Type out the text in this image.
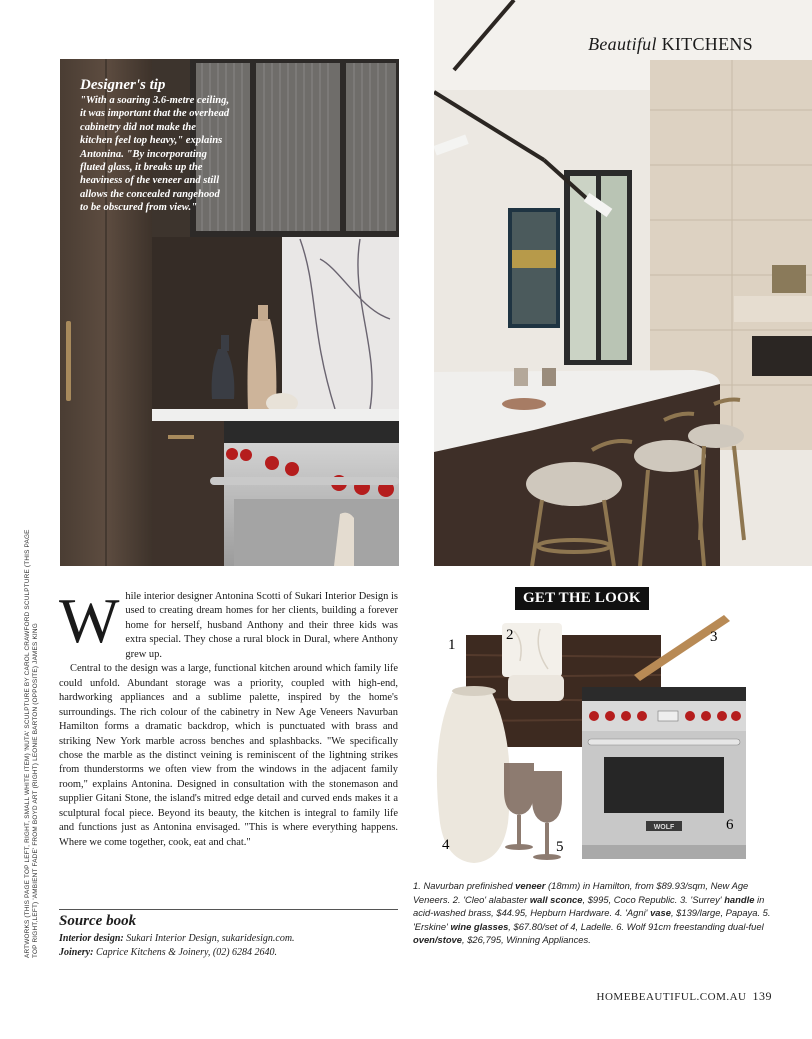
Designer's tip
"With a soaring 3.6-metre ceiling, it was important that the overhead cabinetry did not make the kitchen feel top heavy," explains Antonina. "By incorporating fluted glass, it breaks up the heaviness of the veneer and still allows the concealed rangehood to be obscured from view."
Beautiful KITCHENS
ARTWORKS (THIS PAGE TOP LEFT, RIGHT, SMALL WHITE ITEM) 'NUTA' SCULPTURE BY CAROL CRAWFORD SCULPTURE (THIS PAGE TOP RIGHT,LEFT) 'AMBIENT FADE' FROM BOYD ART (RIGHT) LEONIE BARTON (OPPOSITE) JAMES KING

While interior designer Antonina Scotti of Sukari Interior Design is used to creating dream homes for her clients, building a forever home for herself, husband Anthony and their three kids was extra special. They chose a rural block in Dural, where Anthony grew up.

Central to the design was a large, functional kitchen around which family life could unfold. Abundant storage was a priority, coupled with high-end, hardworking appliances and a sublime palette, inspired by the home's surroundings. The rich colour of the cabinetry in New Age Veneers Navurban Hamilton forms a dramatic backdrop, which is punctuated with brass and striking New York marble across benches and splashbacks. "We specifically chose the marble as the distinct veining is reminiscent of the lightning strikes from thunderstorms we often view from the windows in the adjacent family room," explains Antonina. Designed in consultation with the stonemason and supplier Gitani Stone, the island's mitred edge detail and curved ends makes it a sculptural focal piece. Beyond its beauty, the kitchen is integral to family life and functions just as Antonina envisaged. "This is where everything happens. Where we come together, cook, eat and chat."

Source book
Interior design: Sukari Interior Design, sukaridesign.com.
Joinery: Caprice Kitchens & Joinery, (02) 6284 2640.
GET THE LOOK
WOLF
1
2	3
4	5
6
1. Navurban prefinished veneer (18mm) in Hamilton, from $89.93/sqm, New Age Veneers. 2. 'Cleo' alabaster wall sconce, $995, Coco Republic. 3. 'Surrey' handle in acid-washed brass, $44.95, Hepburn Hardware. 4. 'Agni' vase, $139/large, Papaya. 5. 'Erskine' wine glasses, $67.80/set of 4, Ladelle. 6. Wolf 91cm freestanding dual-fuel oven/stove, $26,795, Winning Appliances.
HOMEBEAUTIFUL.COM.AU 139
